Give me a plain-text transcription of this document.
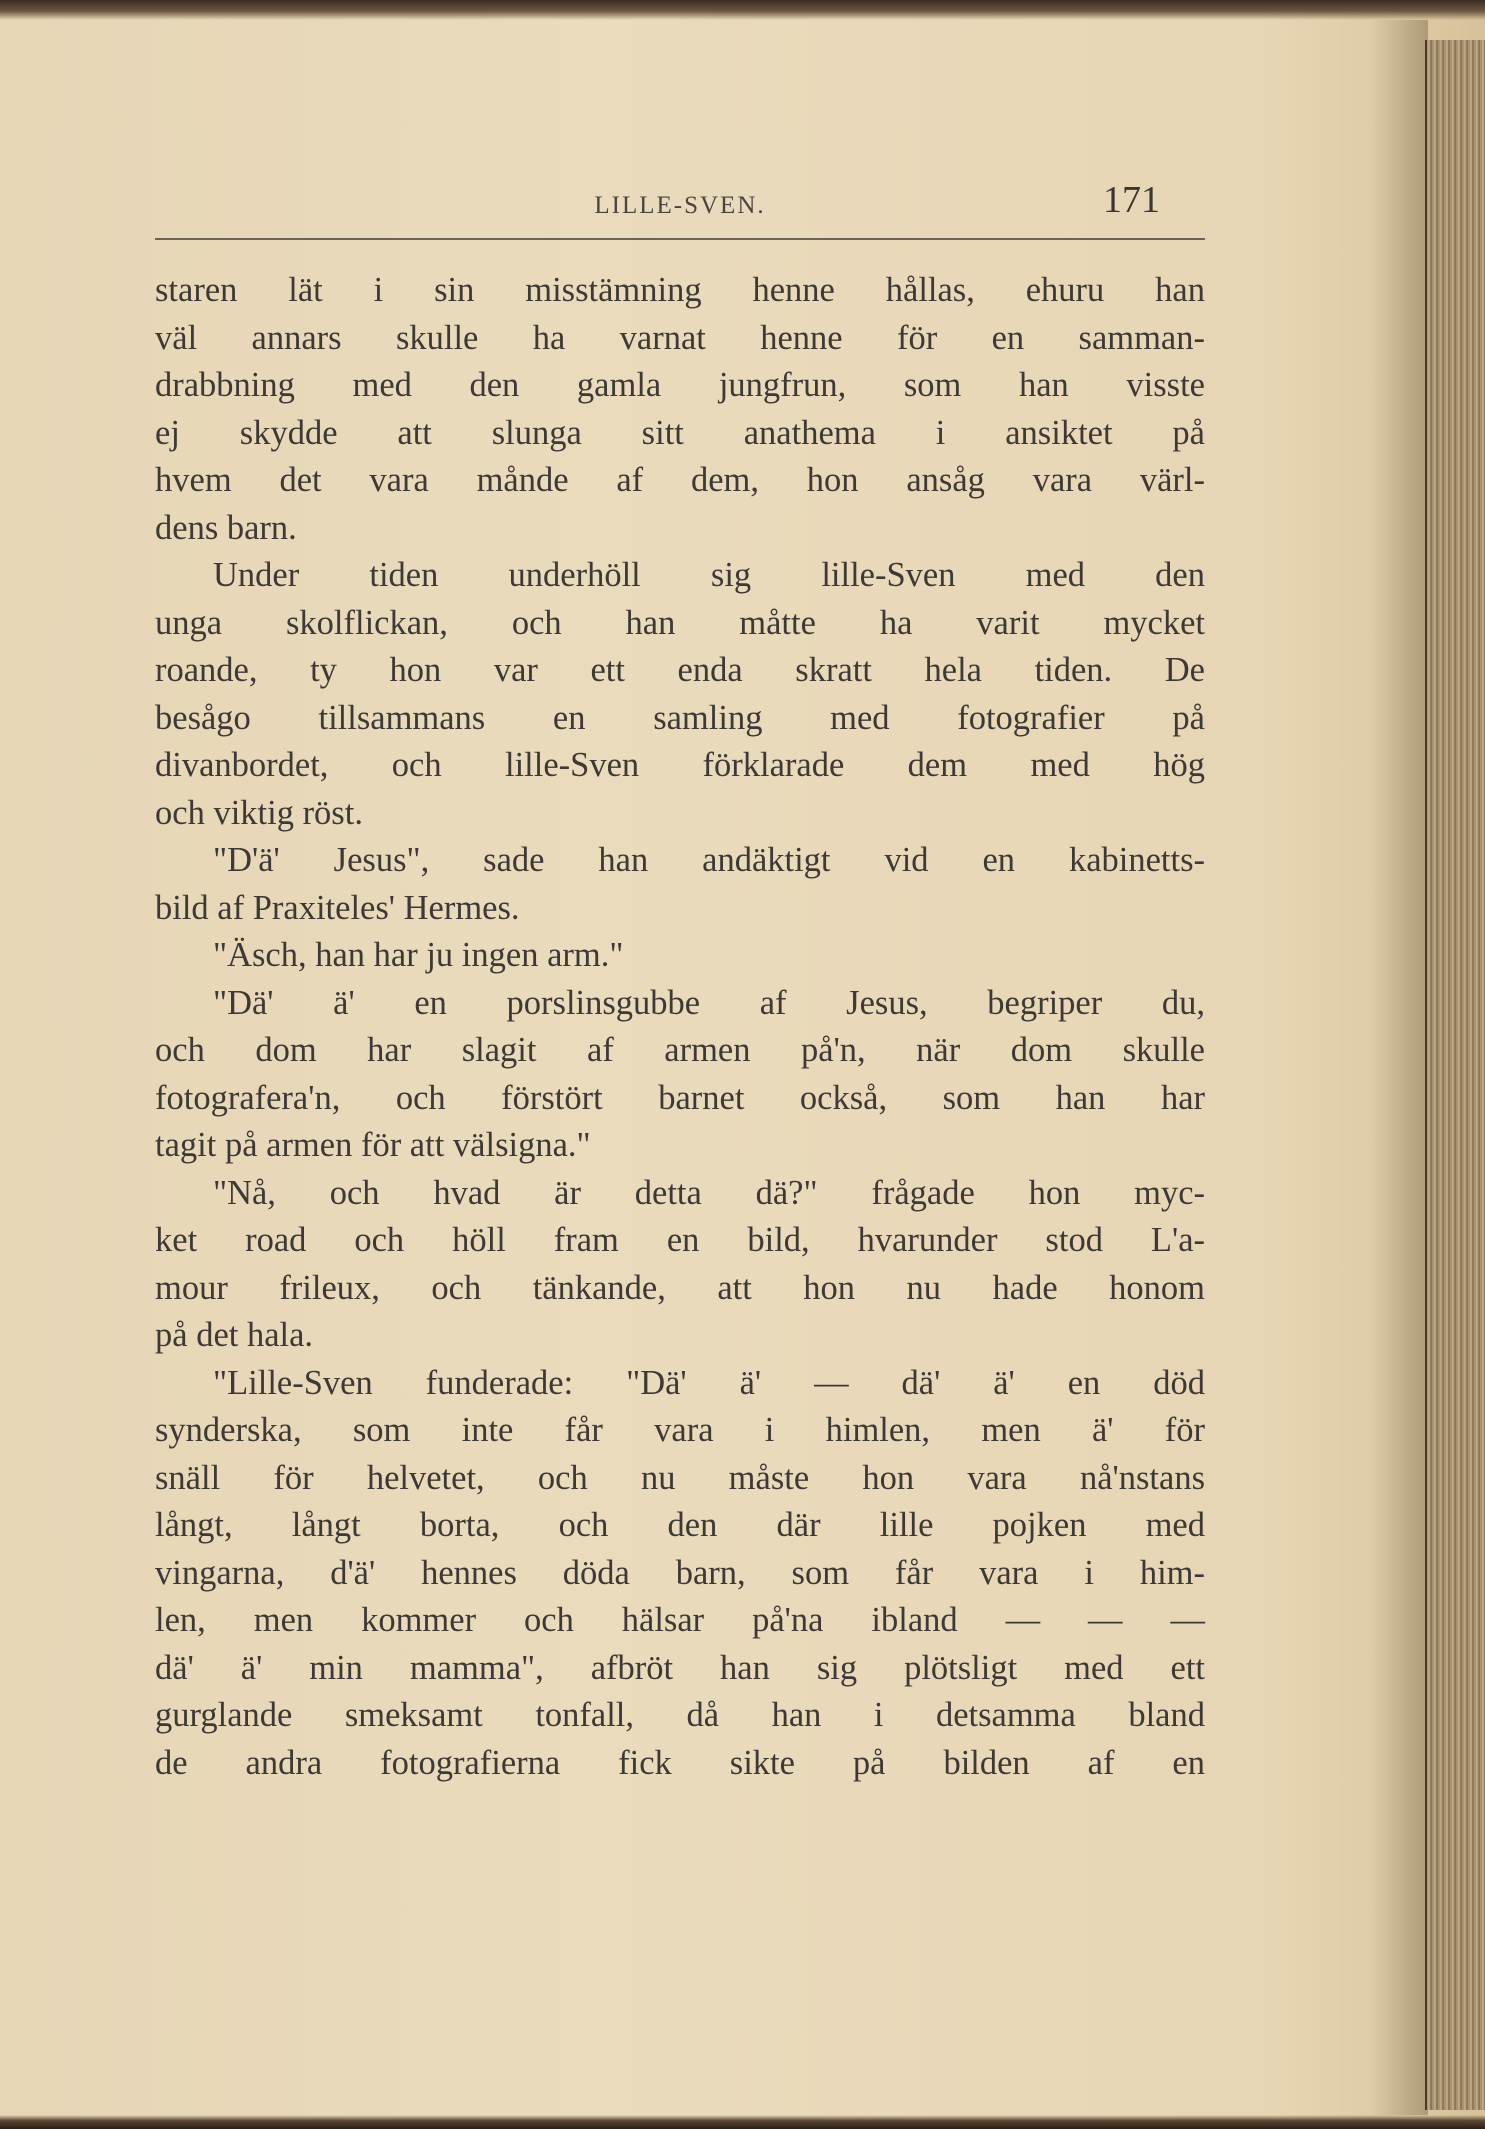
LILLE-SVEN.	171
staren lät i sin misstämning henne hållas, ehuru han
väl annars skulle ha varnat henne för en samman-
drabbning med den gamla jungfrun, som han visste
ej skydde att slunga sitt anathema i ansiktet på
hvem det vara månde af dem, hon ansåg vara värl-
dens barn.
Under tiden underhöll sig lille-Sven med den
unga skolflickan, och han måtte ha varit mycket
roande, ty hon var ett enda skratt hela tiden. De
besågo tillsammans en samling med fotografier på
divanbordet, och lille-Sven förklarade dem med hög
och viktig röst.
"D'ä' Jesus", sade han andäktigt vid en kabinetts-
bild af Praxiteles' Hermes.
"Äsch, han har ju ingen arm."
"Dä' ä' en porslinsgubbe af Jesus, begriper du,
och dom har slagit af armen på'n, när dom skulle
fotografera'n, och förstört barnet också, som han har
tagit på armen för att välsigna."
"Nå, och hvad är detta dä?" frågade hon myc-
ket road och höll fram en bild, hvarunder stod L'a-
mour frileux, och tänkande, att hon nu hade honom
på det hala.
"Lille-Sven funderade: "Dä' ä' — dä' ä' en död
synderska, som inte får vara i himlen, men ä' för
snäll för helvetet, och nu måste hon vara nå'nstans
långt, långt borta, och den där lille pojken med
vingarna, d'ä' hennes döda barn, som får vara i him-
len, men kommer och hälsar på'na ibland — — —
dä' ä' min mamma", afbröt han sig plötsligt med ett
gurglande smeksamt tonfall, då han i detsamma bland
de andra fotografierna fick sikte på bilden af en
